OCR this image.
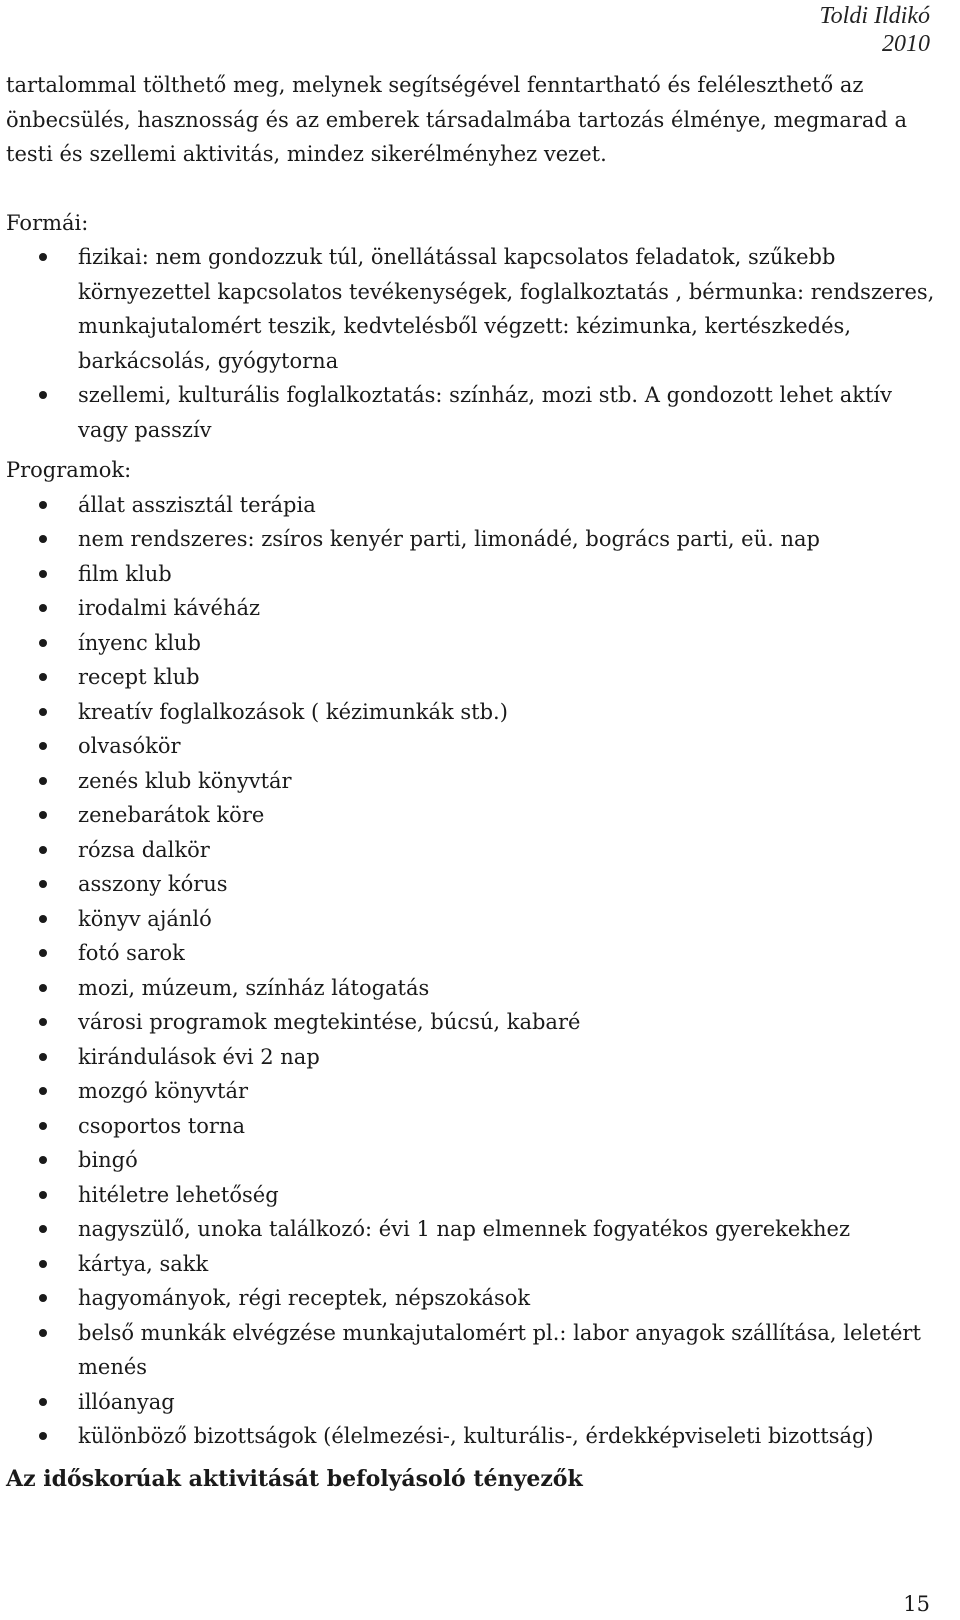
Toldi Ildikó
2010

tartalommal tölthető meg, melynek segítségével fenntartható és feléleszthető az önbecsülés, hasznosság és az emberek társadalmába tartozás élménye, megmarad a testi és szellemi aktivitás, mindez sikerélményhez vezet.

Formái:

fizikai: nem gondozzuk túl, önellátással kapcsolatos feladatok, szűkebb környezettel kapcsolatos tevékenységek, foglalkoztatás , bérmunka: rendszeres, munkajutalomért teszik, kedvtelésből végzett: kézimunka, kertészkedés, barkácsolás, gyógytorna
szellemi, kulturális foglalkoztatás: színház, mozi stb. A gondozott lehet aktív vagy passzív

Programok:

állat asszisztál terápia
nem rendszeres: zsíros kenyér parti, limonádé, bogrács parti, eü. nap
film klub
irodalmi kávéház
ínyenc klub
recept klub
kreatív foglalkozások ( kézimunkák stb.)
olvasókör
zenés klub könyvtár
zenebarátok köre
rózsa dalkör
asszony kórus
könyv ajánló
fotó sarok
mozi, múzeum, színház látogatás
városi programok megtekintése, búcsú, kabaré
kirándulások évi 2 nap
mozgó könyvtár
csoportos torna
bingó
hitéletre lehetőség
nagyszülő, unoka találkozó: évi 1 nap elmennek fogyatékos gyerekekhez
kártya, sakk
hagyományok, régi receptek, népszokások
belső munkák elvégzése munkajutalomért pl.: labor anyagok szállítása, leletért menés
illóanyag
különböző bizottságok (élelmezési-, kulturális-, érdekképviseleti bizottság)

Az időskorúak aktivitását befolyásoló tényezők

15
